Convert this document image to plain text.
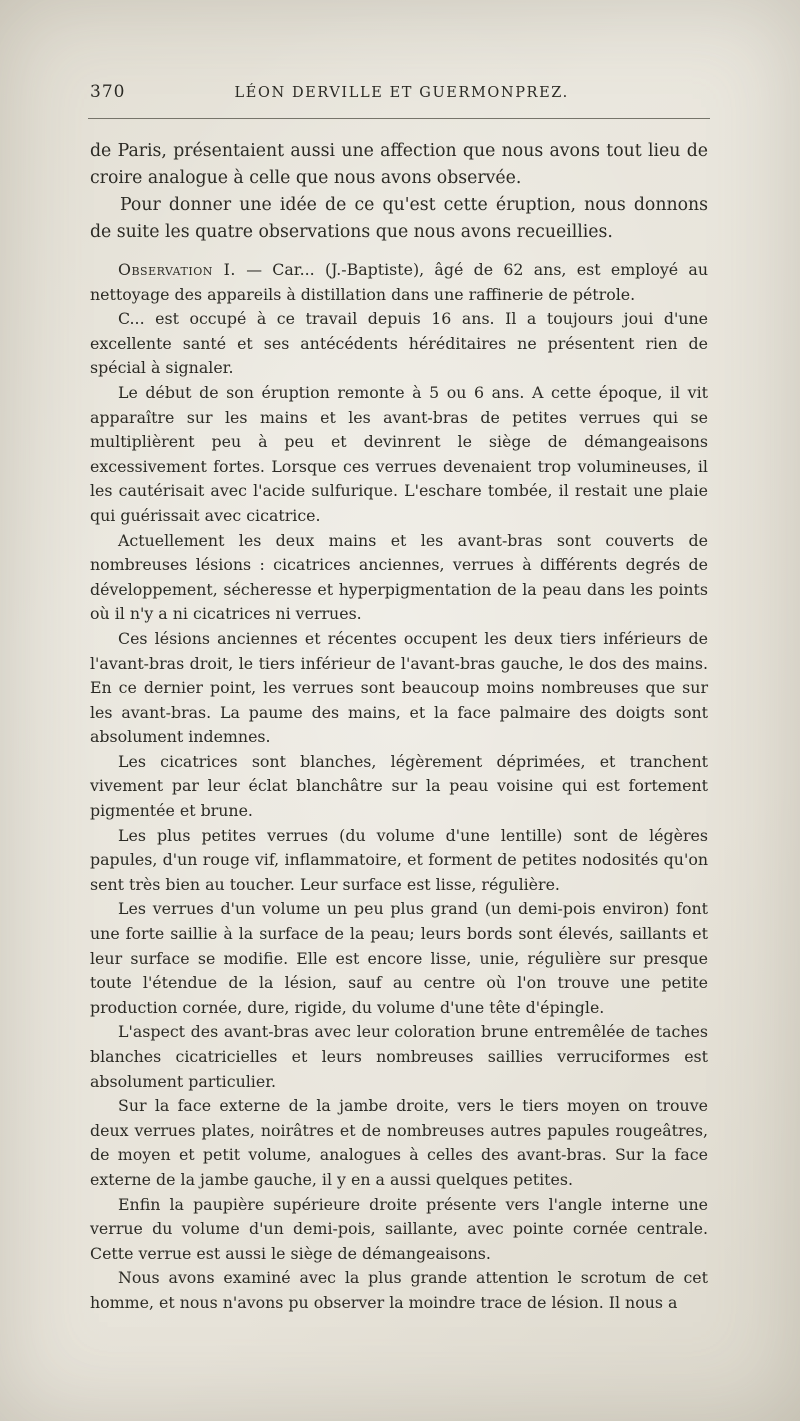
370	LÉON DERVILLE ET GUERMONPREZ.

de Paris, présentaient aussi une affection que nous avons tout lieu de croire analogue à celle que nous avons observée.

Pour donner une idée de ce qu'est cette éruption, nous donnons de suite les quatre observations que nous avons recueillies.

Observation I. — Car... (J.-Baptiste), âgé de 62 ans, est employé au nettoyage des appareils à distillation dans une raffinerie de pétrole.

C... est occupé à ce travail depuis 16 ans. Il a toujours joui d'une excellente santé et ses antécédents héréditaires ne présentent rien de spécial à signaler.

Le début de son éruption remonte à 5 ou 6 ans. A cette époque, il vit apparaître sur les mains et les avant-bras de petites verrues qui se multiplièrent peu à peu et devinrent le siège de démangeaisons excessivement fortes. Lorsque ces verrues devenaient trop volumineuses, il les cautérisait avec l'acide sulfurique. L'eschare tombée, il restait une plaie qui guérissait avec cicatrice.

Actuellement les deux mains et les avant-bras sont couverts de nombreuses lésions : cicatrices anciennes, verrues à différents degrés de développement, sécheresse et hyperpigmentation de la peau dans les points où il n'y a ni cicatrices ni verrues.

Ces lésions anciennes et récentes occupent les deux tiers inférieurs de l'avant-bras droit, le tiers inférieur de l'avant-bras gauche, le dos des mains. En ce dernier point, les verrues sont beaucoup moins nombreuses que sur les avant-bras. La paume des mains, et la face palmaire des doigts sont absolument indemnes.

Les cicatrices sont blanches, légèrement déprimées, et tranchent vivement par leur éclat blanchâtre sur la peau voisine qui est fortement pigmentée et brune.

Les plus petites verrues (du volume d'une lentille) sont de légères papules, d'un rouge vif, inflammatoire, et forment de petites nodosités qu'on sent très bien au toucher. Leur surface est lisse, régulière.

Les verrues d'un volume un peu plus grand (un demi-pois environ) font une forte saillie à la surface de la peau; leurs bords sont élevés, saillants et leur surface se modifie. Elle est encore lisse, unie, régulière sur presque toute l'étendue de la lésion, sauf au centre où l'on trouve une petite production cornée, dure, rigide, du volume d'une tête d'épingle.

L'aspect des avant-bras avec leur coloration brune entremêlée de taches blanches cicatricielles et leurs nombreuses saillies verruciformes est absolument particulier.

Sur la face externe de la jambe droite, vers le tiers moyen on trouve deux verrues plates, noirâtres et de nombreuses autres papules rougeâtres, de moyen et petit volume, analogues à celles des avant-bras. Sur la face externe de la jambe gauche, il y en a aussi quelques petites.

Enfin la paupière supérieure droite présente vers l'angle interne une verrue du volume d'un demi-pois, saillante, avec pointe cornée centrale. Cette verrue est aussi le siège de démangeaisons.

Nous avons examiné avec la plus grande attention le scrotum de cet homme, et nous n'avons pu observer la moindre trace de lésion. Il nous a
